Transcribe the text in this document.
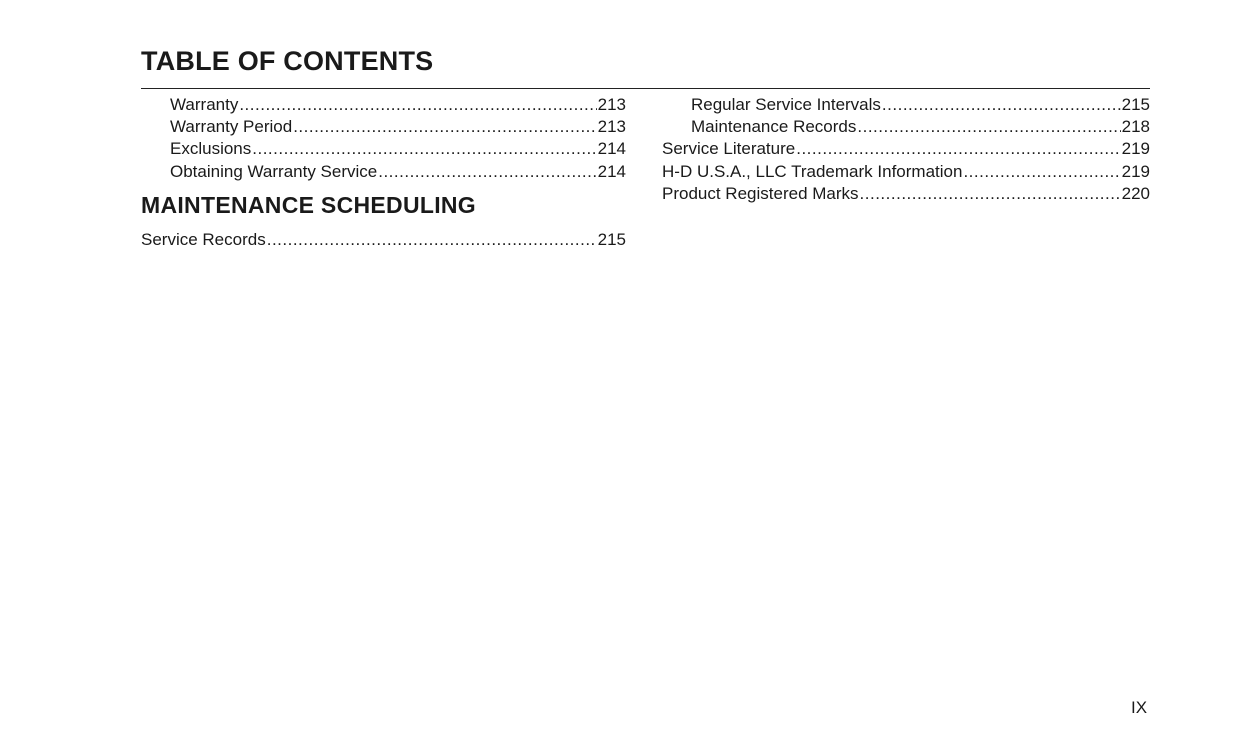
TABLE OF CONTENTS
Warranty .....	213
Warranty Period .....	213
Exclusions .....	214
Obtaining Warranty Service .....	214
MAINTENANCE SCHEDULING
Service Records .....	215
Regular Service Intervals .....	215
Maintenance Records .....	218
Service Literature .....	219
H-D U.S.A., LLC Trademark Information .....	219
Product Registered Marks .....	220
IX
